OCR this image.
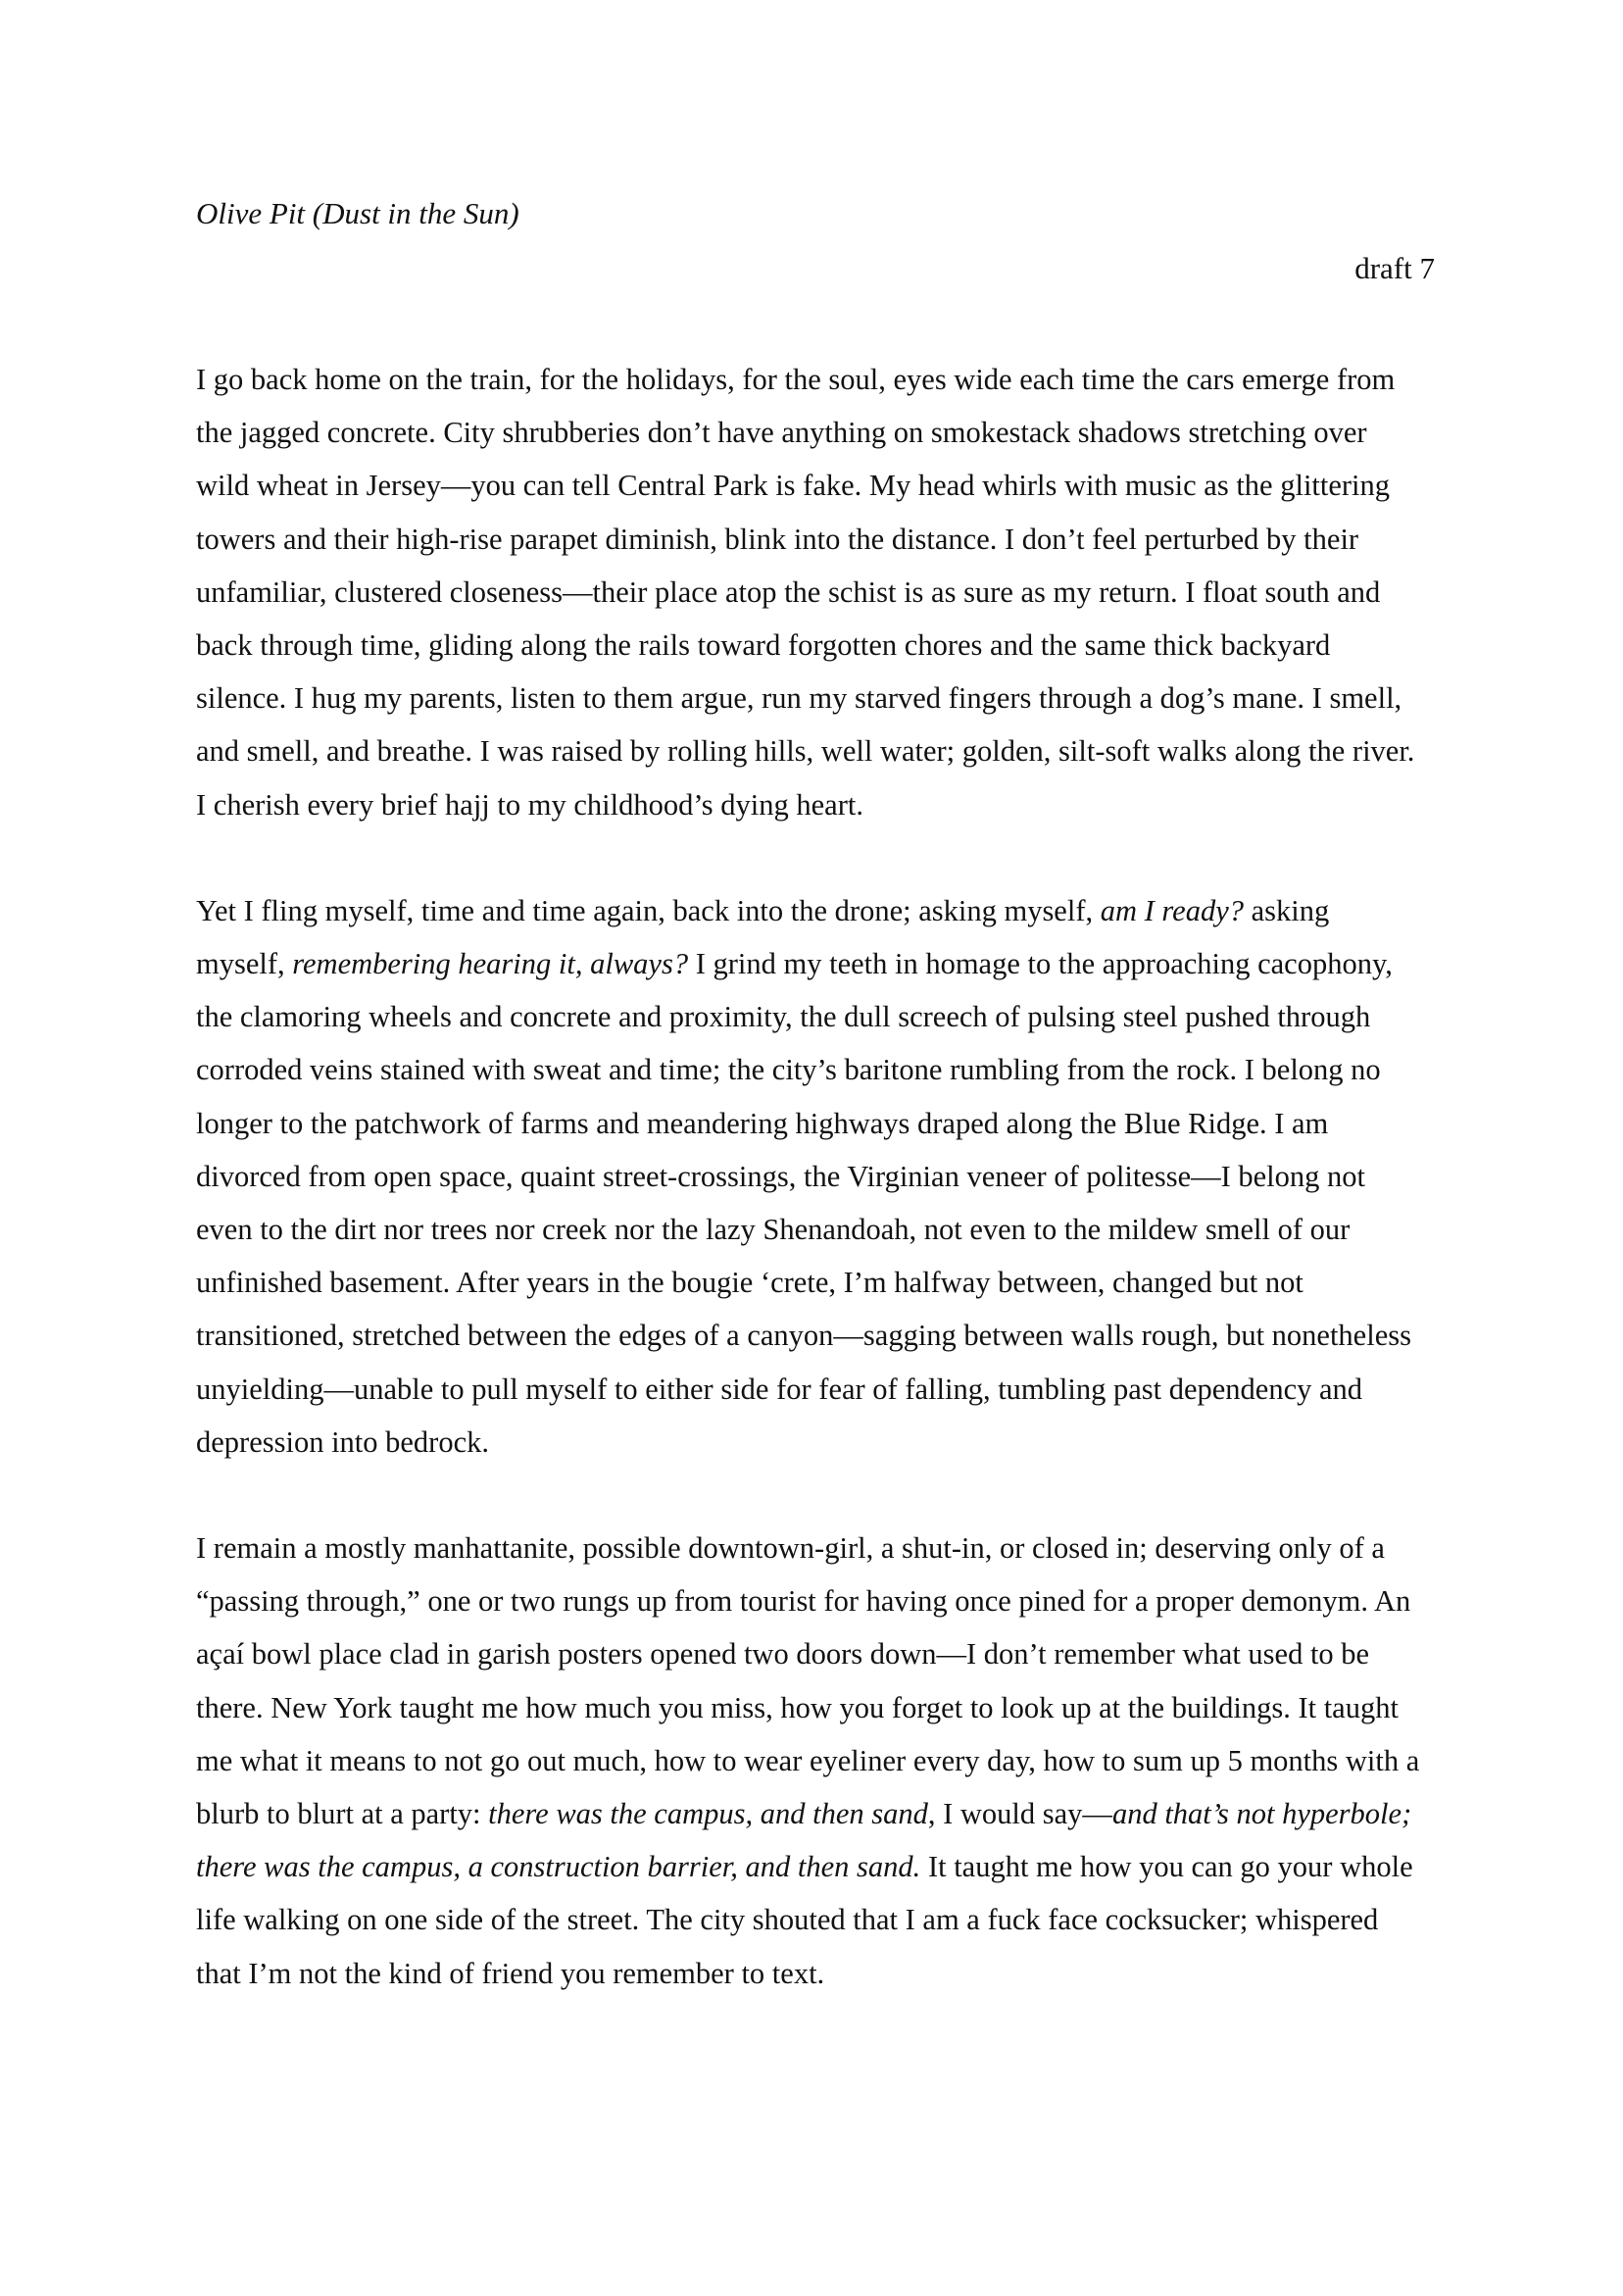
Olive Pit (Dust in the Sun)
draft 7

I go back home on the train, for the holidays, for the soul, eyes wide each time the cars emerge from
the jagged concrete. City shrubberies don’t have anything on smokestack shadows stretching over
wild wheat in Jersey—you can tell Central Park is fake. My head whirls with music as the glittering
towers and their high-rise parapet diminish, blink into the distance. I don’t feel perturbed by their
unfamiliar, clustered closeness—their place atop the schist is as sure as my return. I float south and
back through time, gliding along the rails toward forgotten chores and the same thick backyard
silence. I hug my parents, listen to them argue, run my starved fingers through a dog’s mane. I smell,
and smell, and breathe. I was raised by rolling hills, well water; golden, silt-soft walks along the river.
I cherish every brief hajj to my childhood’s dying heart.

Yet I fling myself, time and time again, back into the drone; asking myself, am I ready? asking
myself, remembering hearing it, always? I grind my teeth in homage to the approaching cacophony,
the clamoring wheels and concrete and proximity, the dull screech of pulsing steel pushed through
corroded veins stained with sweat and time; the city’s baritone rumbling from the rock. I belong no
longer to the patchwork of farms and meandering highways draped along the Blue Ridge. I am
divorced from open space, quaint street-crossings, the Virginian veneer of politesse—I belong not
even to the dirt nor trees nor creek nor the lazy Shenandoah, not even to the mildew smell of our
unfinished basement. After years in the bougie ‘crete, I’m halfway between, changed but not
transitioned, stretched between the edges of a canyon—sagging between walls rough, but nonetheless
unyielding—unable to pull myself to either side for fear of falling, tumbling past dependency and
depression into bedrock.

I remain a mostly manhattanite, possible downtown-girl, a shut-in, or closed in; deserving only of a
“passing through,” one or two rungs up from tourist for having once pined for a proper demonym. An
açaí bowl place clad in garish posters opened two doors down—I don’t remember what used to be
there. New York taught me how much you miss, how you forget to look up at the buildings. It taught
me what it means to not go out much, how to wear eyeliner every day, how to sum up 5 months with a
blurb to blurt at a party: there was the campus, and then sand, I would say—and that’s not hyperbole;
there was the campus, a construction barrier, and then sand. It taught me how you can go your whole
life walking on one side of the street. The city shouted that I am a fuck face cocksucker; whispered
that I’m not the kind of friend you remember to text.
